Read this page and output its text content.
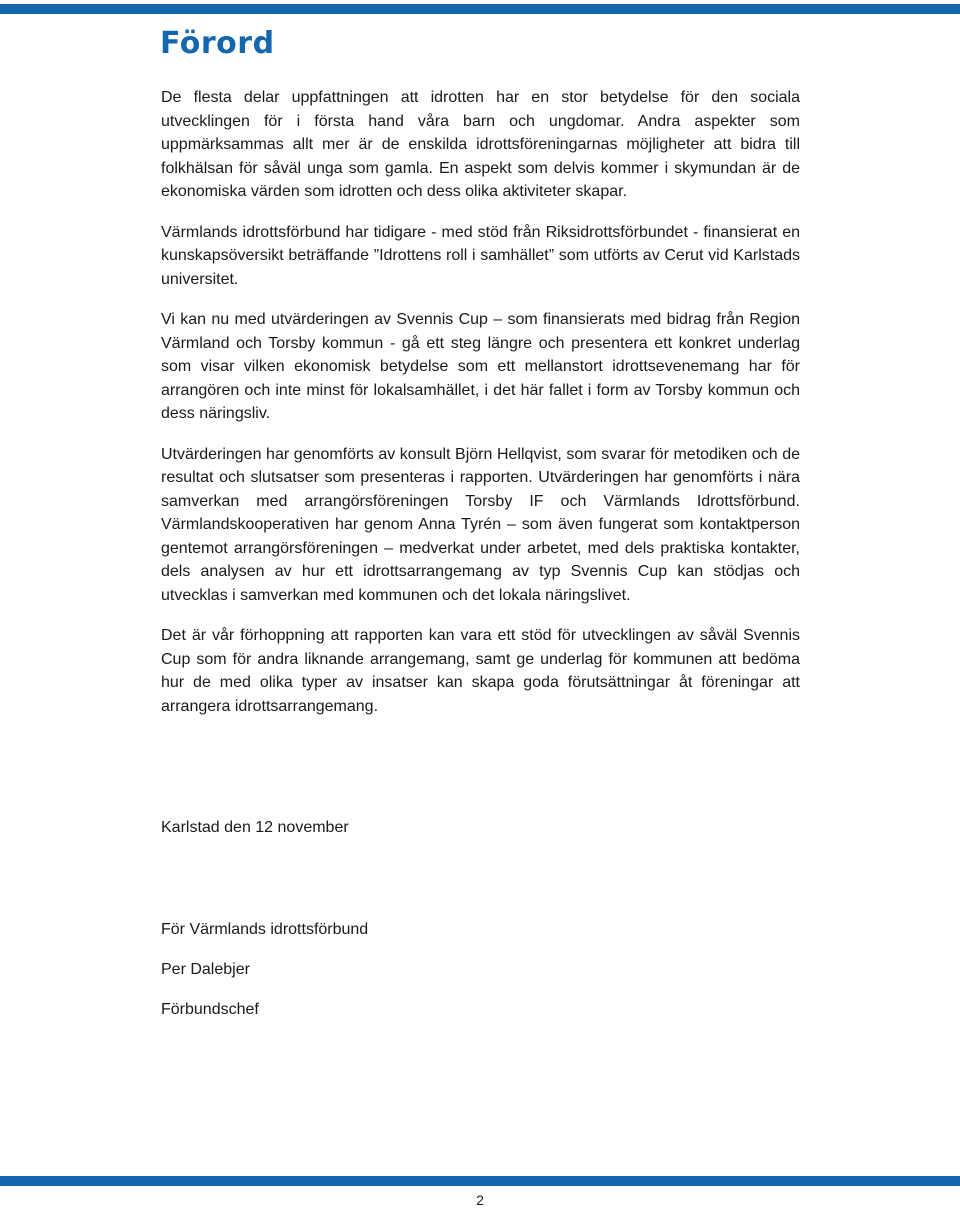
Förord

De flesta delar uppfattningen att idrotten har en stor betydelse för den sociala utvecklingen för i första hand våra barn och ungdomar. Andra aspekter som uppmärksammas allt mer är de enskilda idrottsföreningarnas möjligheter att bidra till folkhälsan för såväl unga som gamla. En aspekt som delvis kommer i skymundan är de ekonomiska värden som idrotten och dess olika aktiviteter skapar.

Värmlands idrottsförbund har tidigare - med stöd från Riksidrottsförbundet - finansierat en kunskapsöversikt beträffande ”Idrottens roll i samhället” som utförts av Cerut vid Karlstads universitet.

Vi kan nu med utvärderingen av Svennis Cup – som finansierats med bidrag från Region Värmland och Torsby kommun - gå ett steg längre och presentera ett konkret underlag som visar vilken ekonomisk betydelse som ett mellanstort idrottsevenemang har för arrangören och inte minst för lokalsamhället, i det här fallet i form av Torsby kommun och dess näringsliv.

Utvärderingen har genomförts av konsult Björn Hellqvist, som svarar för metodiken och de resultat och slutsatser som presenteras i rapporten. Utvärderingen har genomförts i nära samverkan med arrangörsföreningen Torsby IF och Värmlands Idrottsförbund. Värmlandskooperativen har genom Anna Tyrén – som även fungerat som kontaktperson gentemot arrangörsföreningen – medverkat under arbetet, med dels praktiska kontakter, dels analysen av hur ett idrottsarrangemang av typ Svennis Cup kan stödjas och utvecklas i samverkan med kommunen och det lokala näringslivet.

Det är vår förhoppning att rapporten kan vara ett stöd för utvecklingen av såväl Svennis Cup som för andra liknande arrangemang, samt ge underlag för kommunen att bedöma hur de med olika typer av insatser kan skapa goda förutsättningar åt föreningar att arrangera idrottsarrangemang.

Karlstad den 12 november

För Värmlands idrottsförbund

Per Dalebjer

Förbundschef

2
